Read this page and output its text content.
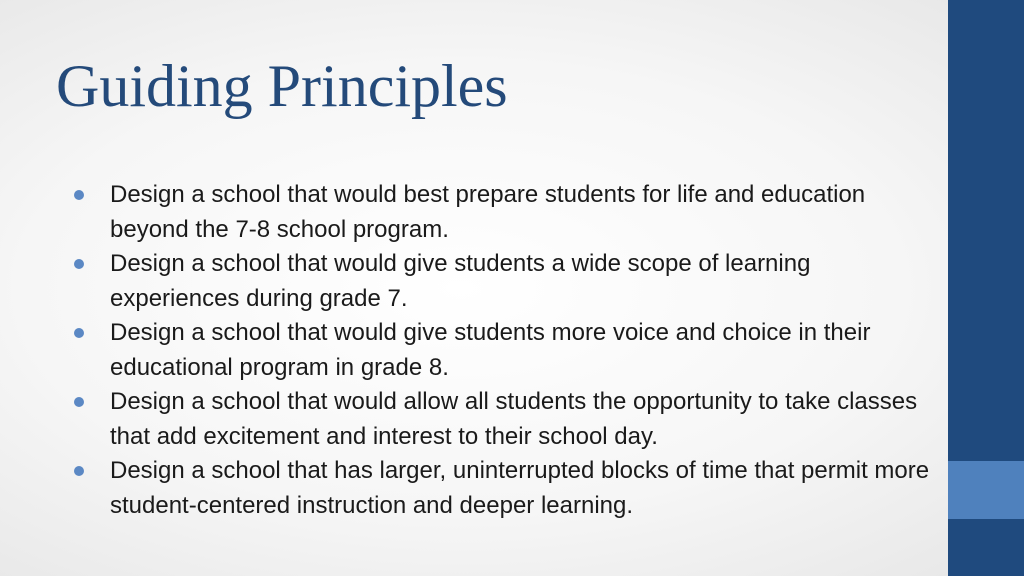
Guiding Principles
Design a school that would best prepare students for life and education beyond the 7-8 school program.
Design a school that would give students a wide scope of learning experiences during grade 7.
Design a school that would give students more voice and choice in their educational program in grade 8.
Design a school that would allow all students the opportunity to take classes that add excitement and interest to their school day.
Design a school that has larger, uninterrupted blocks of time that permit more student-centered instruction and deeper learning.
